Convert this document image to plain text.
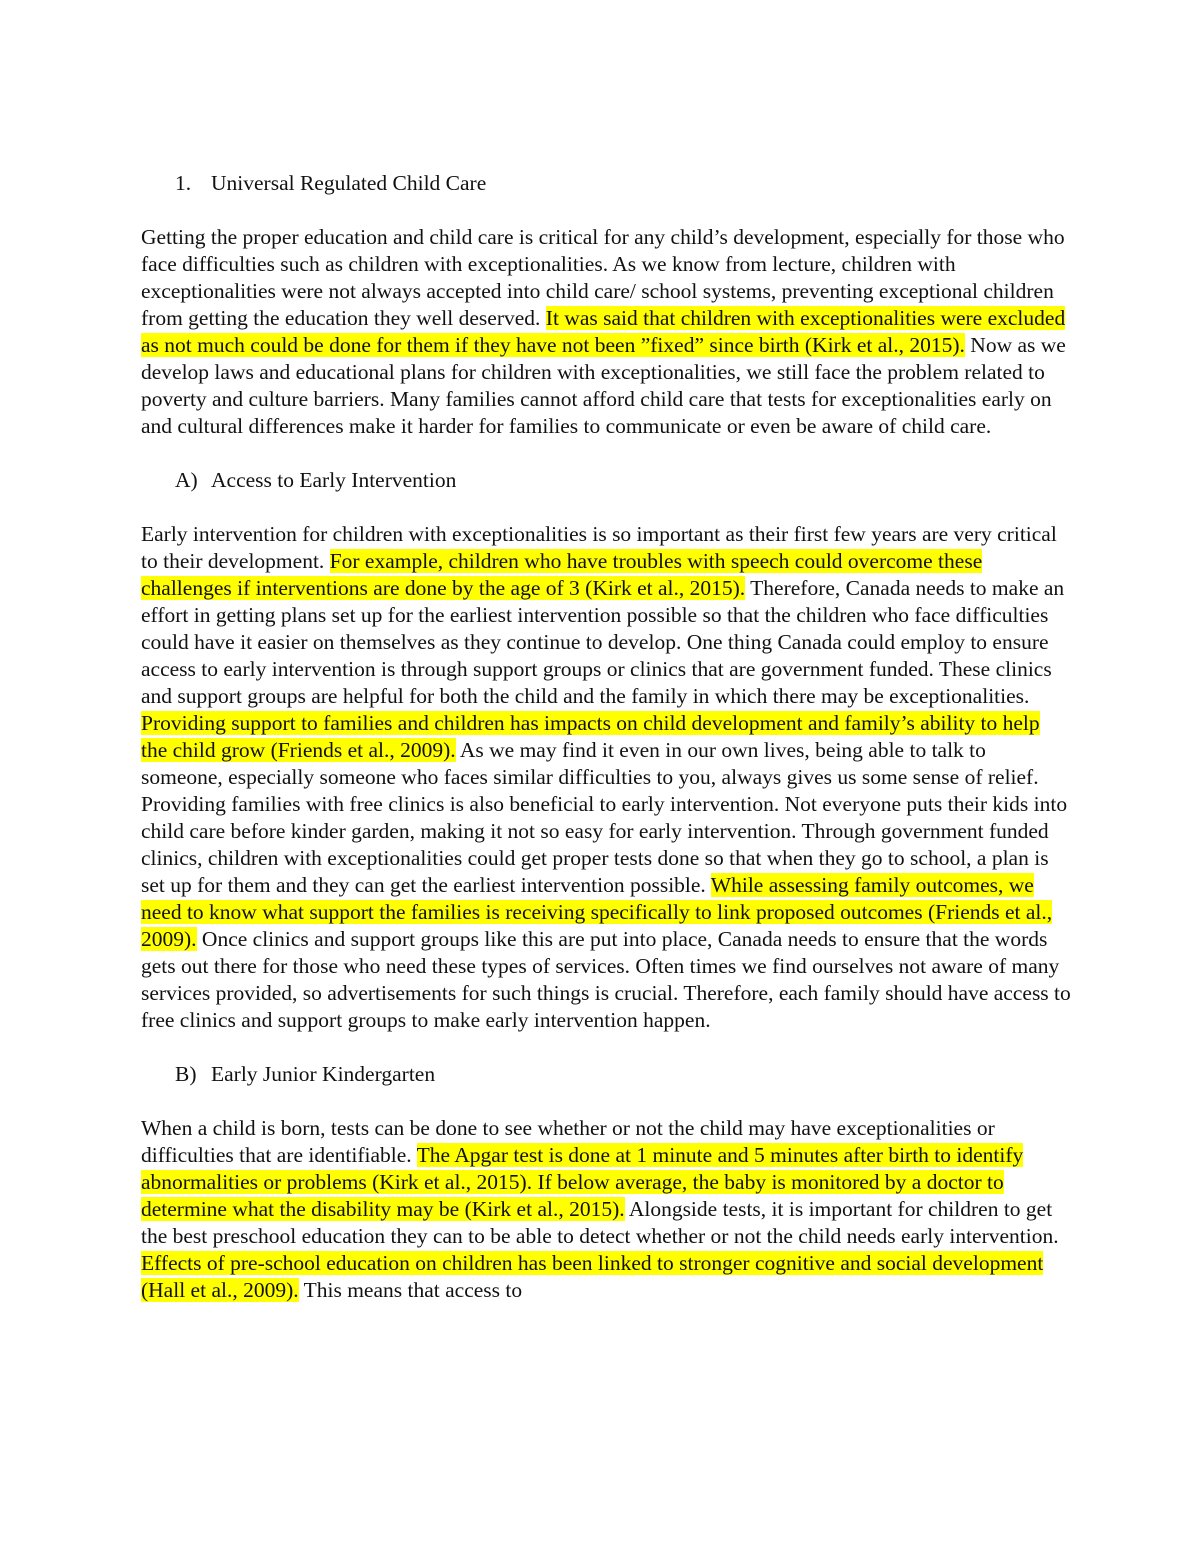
1. Universal Regulated Child Care

Getting the proper education and child care is critical for any child’s development, especially for those who face difficulties such as children with exceptionalities. As we know from lecture, children with exceptionalities were not always accepted into child care/ school systems, preventing exceptional children from getting the education they well deserved. It was said that children with exceptionalities were excluded as not much could be done for them if they have not been ”fixed” since birth (Kirk et al., 2015). Now as we develop laws and educational plans for children with exceptionalities, we still face the problem related to poverty and culture barriers. Many families cannot afford child care that tests for exceptionalities early on and cultural differences make it harder for families to communicate or even be aware of child care.

A) Access to Early Intervention

Early intervention for children with exceptionalities is so important as their first few years are very critical to their development. For example, children who have troubles with speech could overcome these challenges if interventions are done by the age of 3 (Kirk et al., 2015). Therefore, Canada needs to make an effort in getting plans set up for the earliest intervention possible so that the children who face difficulties could have it easier on themselves as they continue to develop. One thing Canada could employ to ensure access to early intervention is through support groups or clinics that are government funded. These clinics and support groups are helpful for both the child and the family in which there may be exceptionalities. Providing support to families and children has impacts on child development and family’s ability to help the child grow (Friends et al., 2009). As we may find it even in our own lives, being able to talk to someone, especially someone who faces similar difficulties to you, always gives us some sense of relief. Providing families with free clinics is also beneficial to early intervention. Not everyone puts their kids into child care before kinder garden, making it not so easy for early intervention. Through government funded clinics, children with exceptionalities could get proper tests done so that when they go to school, a plan is set up for them and they can get the earliest intervention possible. While assessing family outcomes, we need to know what support the families is receiving specifically to link proposed outcomes (Friends et al., 2009). Once clinics and support groups like this are put into place, Canada needs to ensure that the words gets out there for those who need these types of services. Often times we find ourselves not aware of many services provided, so advertisements for such things is crucial. Therefore, each family should have access to free clinics and support groups to make early intervention happen.

B) Early Junior Kindergarten

When a child is born, tests can be done to see whether or not the child may have exceptionalities or difficulties that are identifiable. The Apgar test is done at 1 minute and 5 minutes after birth to identify abnormalities or problems (Kirk et al., 2015). If below average, the baby is monitored by a doctor to determine what the disability may be (Kirk et al., 2015). Alongside tests, it is important for children to get the best preschool education they can to be able to detect whether or not the child needs early intervention. Effects of pre-school education on children has been linked to stronger cognitive and social development (Hall et al., 2009). This means that access to
